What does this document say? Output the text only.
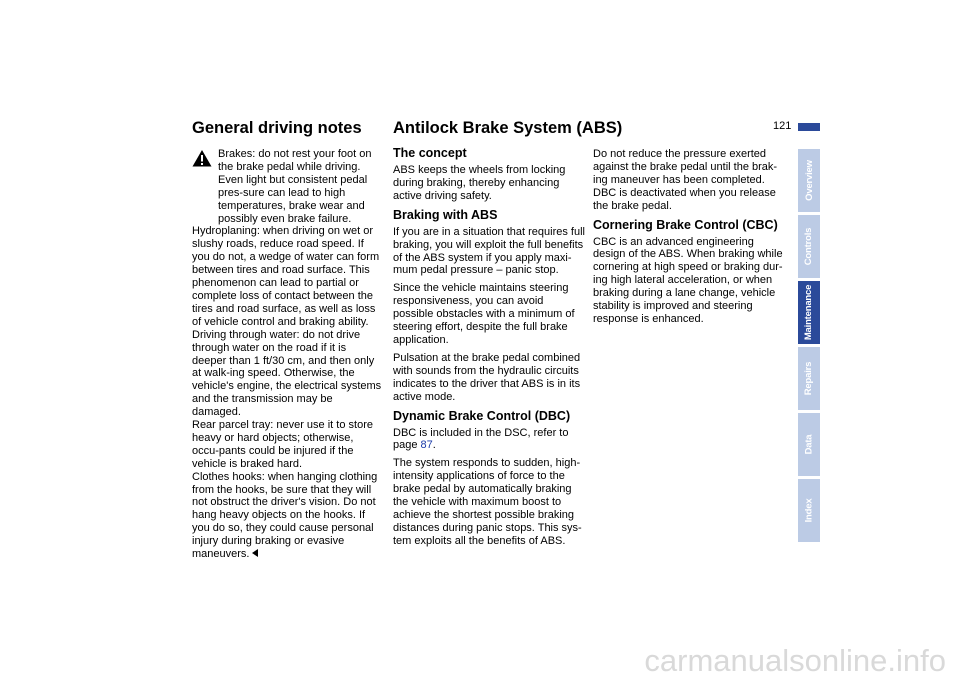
General driving notes Antilock Brake System (ABS)	121
Brakes: do not rest your foot on the brake pedal while driving. Even light but consistent pedal pres-sure can lead to high temperatures, brake wear and possibly even brake failure.
Hydroplaning: when driving on wet or slushy roads, reduce road speed. If you do not, a wedge of water can form between tires and road surface. This phenomenon can lead to partial or complete loss of contact between the tires and road surface, as well as loss of vehicle control and braking ability.
Driving through water: do not drive through water on the road if it is deeper than 1 ft/30 cm, and then only at walk-ing speed. Otherwise, the vehicle's engine, the electrical systems and the transmission may be damaged.
Rear parcel tray: never use it to store heavy or hard objects; otherwise, occu-pants could be injured if the vehicle is braked hard.
Clothes hooks: when hanging clothing from the hooks, be sure that they will not obstruct the driver's vision. Do not hang heavy objects on the hooks. If you do so, they could cause personal injury during braking or evasive maneuvers.
The concept

ABS keeps the wheels from locking during braking, thereby enhancing active driving safety.

Braking with ABS

If you are in a situation that requires full braking, you will exploit the full benefits of the ABS system if you apply maxi-mum pedal pressure – panic stop.

Since the vehicle maintains steering responsiveness, you can avoid possible obstacles with a minimum of steering effort, despite the full brake application.

Pulsation at the brake pedal combined with sounds from the hydraulic circuits indicates to the driver that ABS is in its active mode.

Dynamic Brake Control (DBC)

DBC is included in the DSC, refer to page 87.

The system responds to sudden, high-intensity applications of force to the brake pedal by automatically braking the vehicle with maximum boost to achieve the shortest possible braking distances during panic stops. This sys-tem exploits all the benefits of ABS.

Do not reduce the pressure exerted against the brake pedal until the brak-ing maneuver has been completed. DBC is deactivated when you release the brake pedal.

Cornering Brake Control (CBC)

CBC is an advanced engineering design of the ABS. When braking while cornering at high speed or braking dur-ing high lateral acceleration, or when braking during a lane change, vehicle stability is improved and steering response is enhanced.

Overview
Controls
Maintenance
Repairs
Data
Index
carmanualsonline.info
